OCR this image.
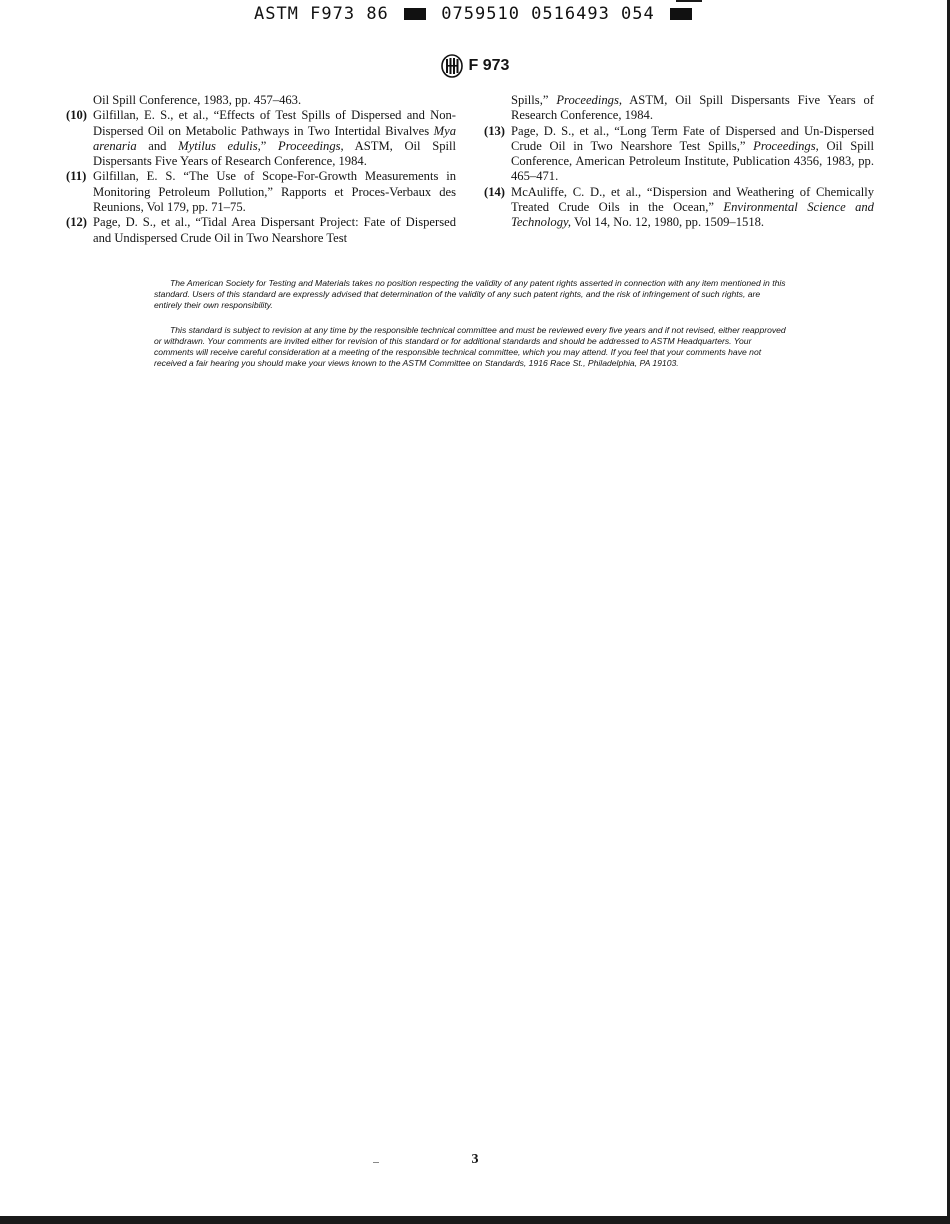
ASTM F973 86	0759510 0516493 054
F 973
Oil Spill Conference, 1983, pp. 457–463.
(10) Gilfillan, E. S., et al., “Effects of Test Spills of Dispersed and Non-Dispersed Oil on Metabolic Pathways in Two Intertidal Bivalves Mya arenaria and Mytilus edulis,” Proceedings, ASTM, Oil Spill Dispersants Five Years of Research Conference, 1984.
(11) Gilfillan, E. S. “The Use of Scope-For-Growth Measurements in Monitoring Petroleum Pollution,” Rapports et Proces-Verbaux des Reunions, Vol 179, pp. 71–75.
(12) Page, D. S., et al., “Tidal Area Dispersant Project: Fate of Dispersed and Undispersed Crude Oil in Two Nearshore Test
Spills,” Proceedings, ASTM, Oil Spill Dispersants Five Years of Research Conference, 1984.
(13) Page, D. S., et al., “Long Term Fate of Dispersed and Un-Dispersed Crude Oil in Two Nearshore Test Spills,” Proceedings, Oil Spill Conference, American Petroleum Institute, Publication 4356, 1983, pp. 465–471.
(14) McAuliffe, C. D., et al., “Dispersion and Weathering of Chemically Treated Crude Oils in the Ocean,” Environmental Science and Technology, Vol 14, No. 12, 1980, pp. 1509–1518.

The American Society for Testing and Materials takes no position respecting the validity of any patent rights asserted in connection with any item mentioned in this standard. Users of this standard are expressly advised that determination of the validity of any such patent rights, and the risk of infringement of such rights, are entirely their own responsibility.

This standard is subject to revision at any time by the responsible technical committee and must be reviewed every five years and if not revised, either reapproved or withdrawn. Your comments are invited either for revision of this standard or for additional standards and should be addressed to ASTM Headquarters. Your comments will receive careful consideration at a meeting of the responsible technical committee, which you may attend. If you feel that your comments have not received a fair hearing you should make your views known to the ASTM Committee on Standards, 1916 Race St., Philadelphia, PA 19103.

3
